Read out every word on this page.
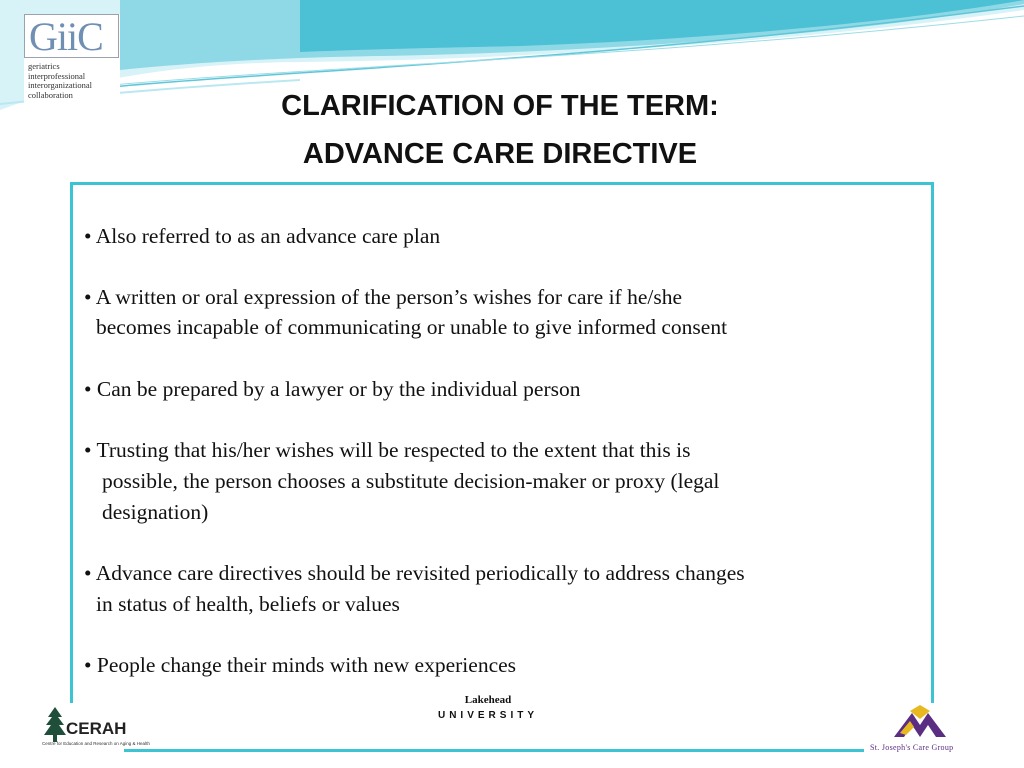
GiiC
geriatrics
interprofessional
interorganizational
collaboration	CLARIFICATION OF THE TERM:
ADVANCE CARE DIRECTIVE
• Also referred to as an advance care plan
• A written or oral expression of the person’s wishes for care if he/she
becomes incapable of communicating or unable to give informed consent
• Can be prepared by a lawyer or by the individual person
• Trusting that his/her wishes will be respected to the extent that this is
possible, the person chooses a substitute decision-maker or proxy (legal
designation)
• Advance care directives should be revisited periodically to address changes
in status of health, beliefs or values
• People change their minds with new experiences
CERAH
Centre for Education and Research on Aging & Health
Lakehead
UNIVERSITY
St. Joseph's Care Group
